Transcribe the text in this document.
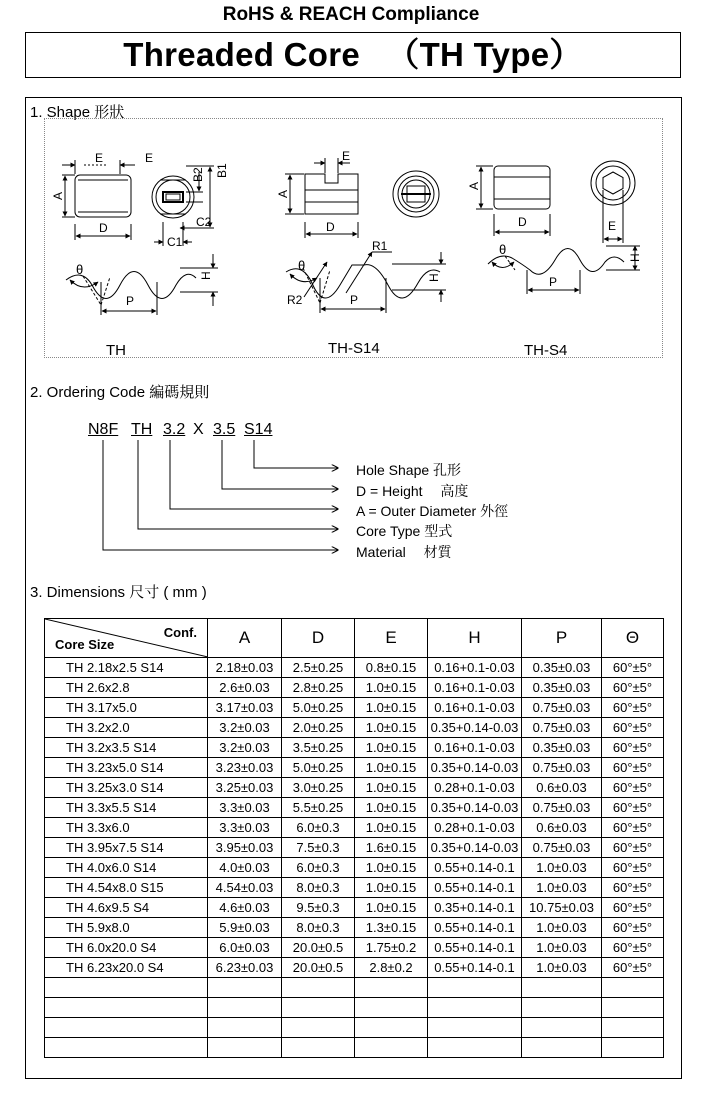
RoHS & REACH Compliance
Threaded Core 　（TH Type）
1. Shape 形狀
E	E
A
D
B2 B1
C2
C1
θ
P
H
E
A
D
θ
R1
R2	P
H
A
D	E
θ
P
H
TH	TH-S14	TH-S4
2. Ordering Code 編碼規則
N8F TH 3.2 X 3.5 S14
Hole Shape 孔形
D = Height 　高度
A = Outer Diameter 外徑
Core Type 型式
Material 　材質
3. Dimensions 尺寸 ( mm )
Conf.
Core Size	A	D	E	H	P	Θ
TH 2.18x2.5 S14	2.18±0.03	2.5±0.25	0.8±0.15	0.16+0.1-0.03	0.35±0.03	60°±5°
TH 2.6x2.8	2.6±0.03	2.8±0.25	1.0±0.15	0.16+0.1-0.03	0.35±0.03	60°±5°
TH 3.17x5.0	3.17±0.03	5.0±0.25	1.0±0.15	0.16+0.1-0.03	0.75±0.03	60°±5°
TH 3.2x2.0	3.2±0.03	2.0±0.25	1.0±0.15	0.35+0.14-0.03	0.75±0.03	60°±5°
TH 3.2x3.5 S14	3.2±0.03	3.5±0.25	1.0±0.15	0.16+0.1-0.03	0.35±0.03	60°±5°
TH 3.23x5.0 S14	3.23±0.03	5.0±0.25	1.0±0.15	0.35+0.14-0.03	0.75±0.03	60°±5°
TH 3.25x3.0 S14	3.25±0.03	3.0±0.25	1.0±0.15	0.28+0.1-0.03	0.6±0.03	60°±5°
TH 3.3x5.5 S14	3.3±0.03	5.5±0.25	1.0±0.15	0.35+0.14-0.03	0.75±0.03	60°±5°
TH 3.3x6.0	3.3±0.03	6.0±0.3	1.0±0.15	0.28+0.1-0.03	0.6±0.03	60°±5°
TH 3.95x7.5 S14	3.95±0.03	7.5±0.3	1.6±0.15	0.35+0.14-0.03	0.75±0.03	60°±5°
TH 4.0x6.0 S14	4.0±0.03	6.0±0.3	1.0±0.15	0.55+0.14-0.1	1.0±0.03	60°±5°
TH 4.54x8.0 S15	4.54±0.03	8.0±0.3	1.0±0.15	0.55+0.14-0.1	1.0±0.03	60°±5°
TH 4.6x9.5 S4	4.6±0.03	9.5±0.3	1.0±0.15	0.35+0.14-0.1	10.75±0.03	60°±5°
TH 5.9x8.0	5.9±0.03	8.0±0.3	1.3±0.15	0.55+0.14-0.1	1.0±0.03	60°±5°
TH 6.0x20.0 S4	6.0±0.03	20.0±0.5	1.75±0.2	0.55+0.14-0.1	1.0±0.03	60°±5°
TH 6.23x20.0 S4	6.23±0.03	20.0±0.5	2.8±0.2	0.55+0.14-0.1	1.0±0.03	60°±5°
